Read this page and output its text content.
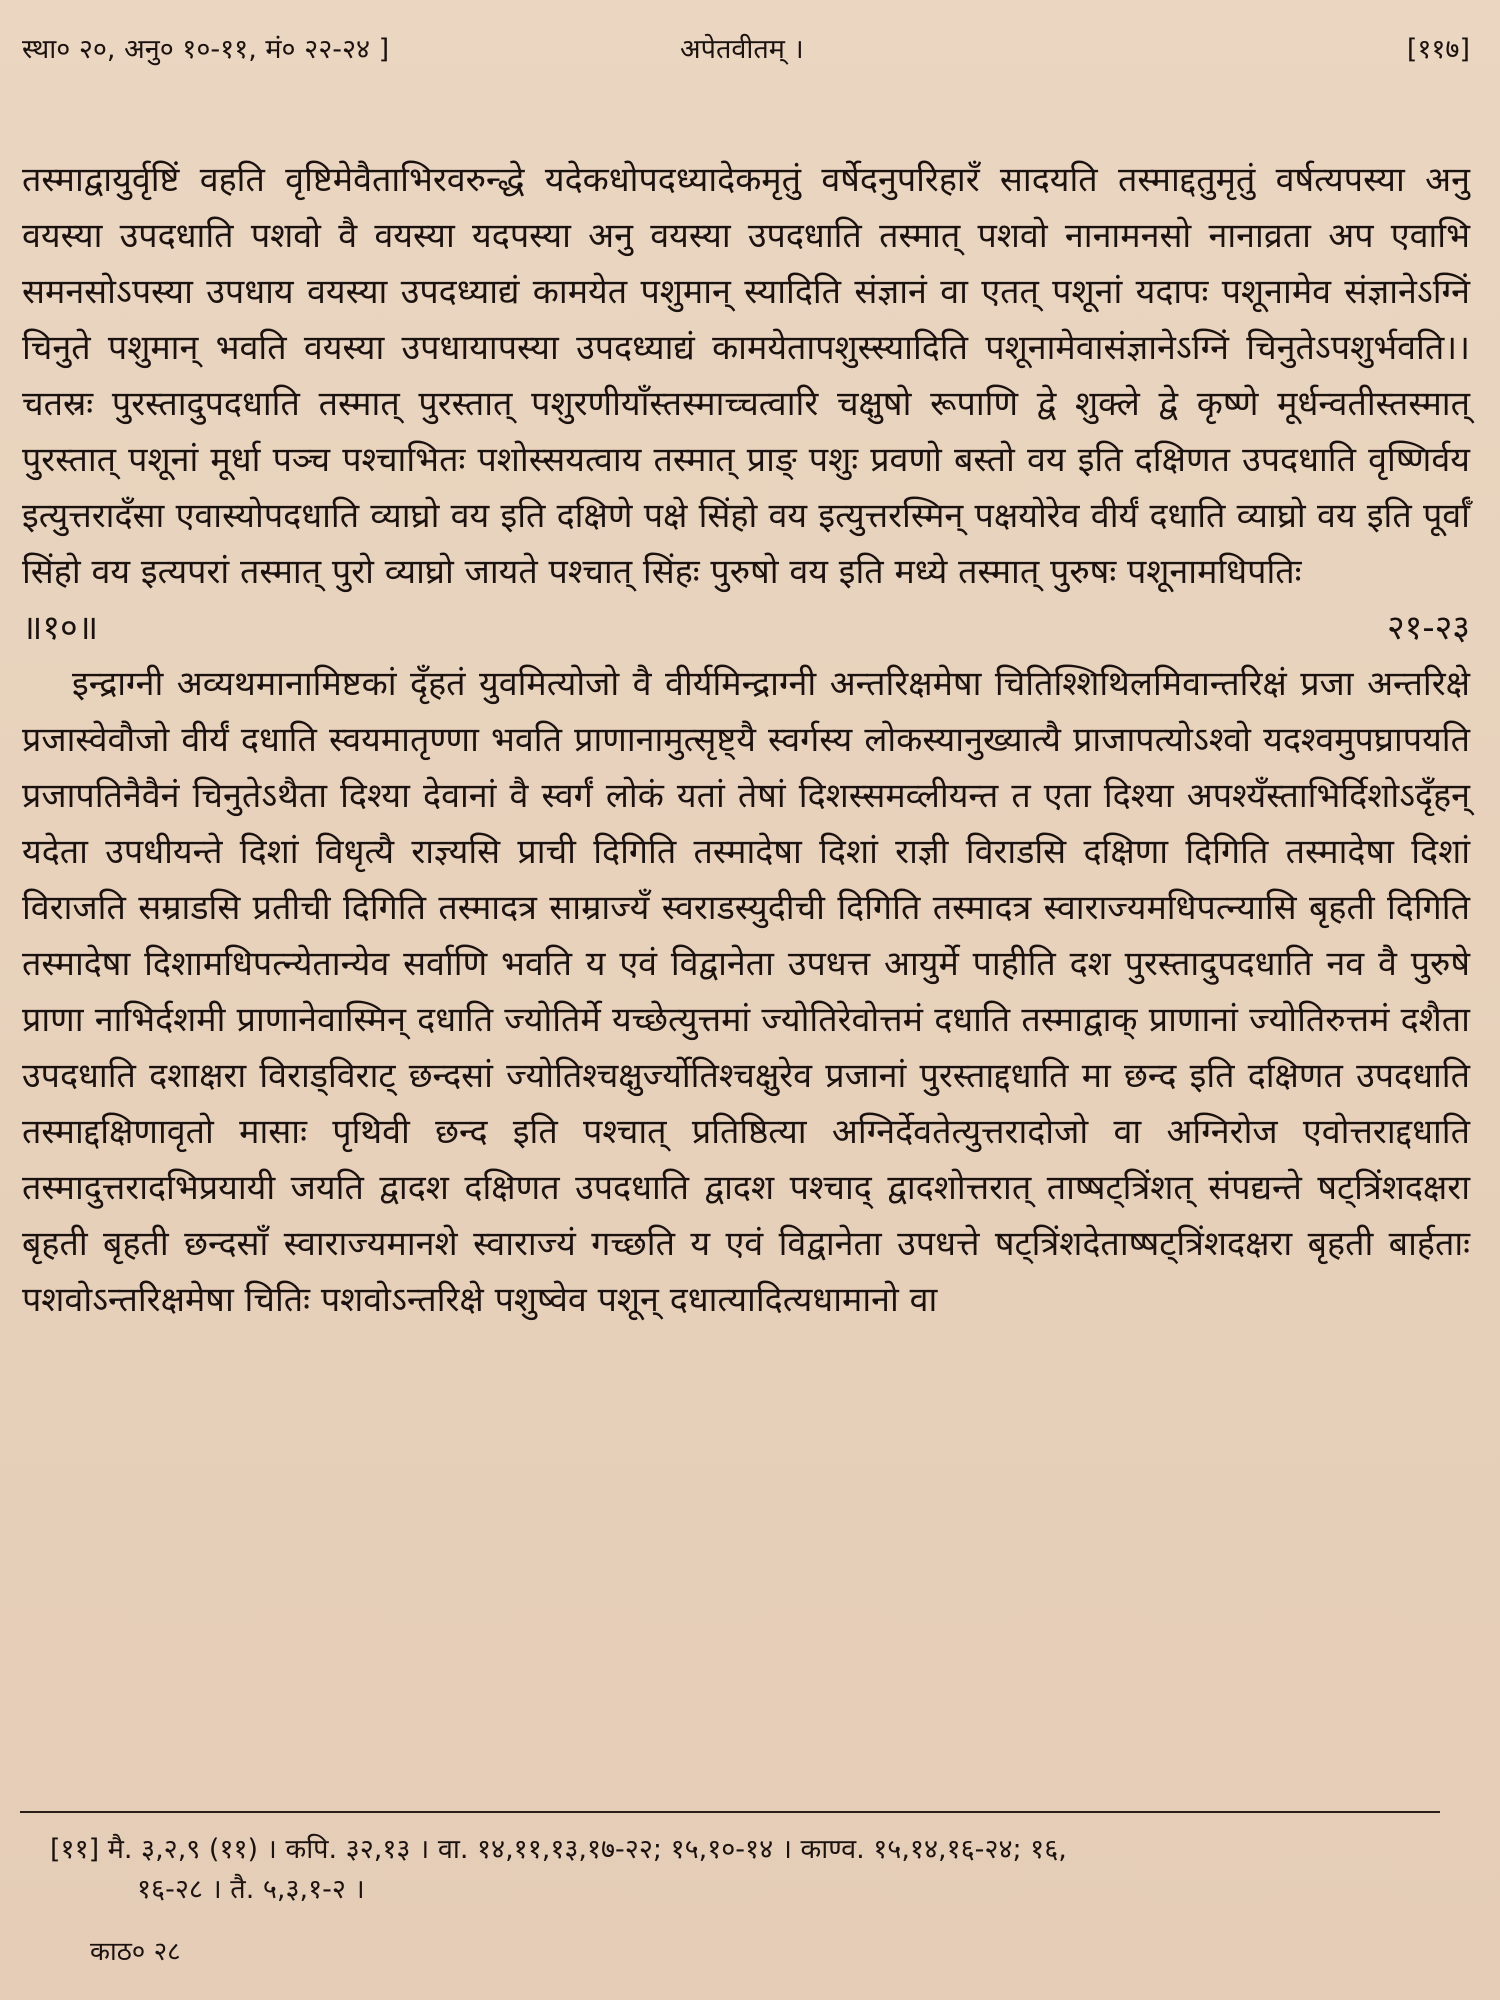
स्था० २०, अनु० १०-११, मं० २२-२४ ]	अपेतवीतम् ।	[११७]

तस्माद्वायुर्वृष्टिं वहति वृष्टिमेवैताभिरवरुन्द्धे यदेकधोपदध्यादेकमृतुं वर्षेदनुपरिहारँ सादयति तस्माद्दतुमृतुं वर्षत्यपस्या अनु वयस्या उपदधाति पशवो वै वयस्या यदपस्या अनु वयस्या उपदधाति तस्मात् पशवो नानामनसो नानाव्रता अप एवाभि समनसोऽपस्या उपधाय वयस्या उपदध्याद्यं कामयेत पशुमान् स्यादिति संज्ञानं वा एतत् पशूनां यदापः पशूनामेव संज्ञानेऽग्निं चिनुते पशुमान् भवति वयस्या उपधायापस्या उपदध्याद्यं कामयेतापशुस्स्यादिति पशूनामेवासंज्ञानेऽग्निं चिनुतेऽपशुर्भवति।। चतस्रः पुरस्तादुपदधाति तस्मात् पुरस्तात् पशुरणीयाँस्तस्माच्चत्वारि चक्षुषो रूपाणि द्वे शुक्ले द्वे कृष्णे मूर्धन्वतीस्तस्मात् पुरस्तात् पशूनां मूर्धा पञ्च पश्चाभितः पशोस्सयत्वाय तस्मात् प्राङ् पशुः प्रवणो बस्तो वय इति दक्षिणत उपदधाति वृष्णिर्वय इत्युत्तरादँसा एवास्योपदधाति व्याघ्रो वय इति दक्षिणे पक्षे सिंहो वय इत्युत्तरस्मिन् पक्षयोरेव वीर्यं दधाति व्याघ्रो वय इति पूर्वाँ सिंहो वय इत्यपरां तस्मात् पुरो व्याघ्रो जायते पश्चात् सिंहः पुरुषो वय इति मध्ये तस्मात् पुरुषः पशूनामधिपतिः

॥१०॥	२१-२३

इन्द्राग्नी अव्यथमानामिष्टकां दृँहतं युवमित्योजो वै वीर्यमिन्द्राग्नी अन्तरिक्षमेषा चितिश्शिथिलमिवान्तरिक्षं प्रजा अन्तरिक्षे प्रजास्वेवौजो वीर्यं दधाति स्वयमातृण्णा भवति प्राणानामुत्सृष्ट्यै स्वर्गस्य लोकस्यानुख्यात्यै प्राजापत्योऽश्वो यदश्वमुपघ्रापयति प्रजापतिनैवैनं चिनुतेऽथैता दिश्या देवानां वै स्वर्गं लोकं यतां तेषां दिशस्समव्लीयन्त त एता दिश्या अपश्यँस्ताभिर्दिशोऽदृँहन् यदेता उपधीयन्ते दिशां विधृत्यै राज्ञ्यसि प्राची दिगिति तस्मादेषा दिशां राज्ञी विराडसि दक्षिणा दिगिति तस्मादेषा दिशां विराजति सम्राडसि प्रतीची दिगिति तस्मादत्र साम्राज्यँ स्वराडस्युदीची दिगिति तस्मादत्र स्वाराज्यमधिपत्न्यासि बृहती दिगिति तस्मादेषा दिशामधिपत्न्येतान्येव सर्वाणि भवति य एवं विद्वानेता उपधत्त आयुर्मे पाहीति दश पुरस्तादुपदधाति नव वै पुरुषे प्राणा नाभिर्दशमी प्राणानेवास्मिन् दधाति ज्योतिर्मे यच्छेत्युत्तमां ज्योतिरेवोत्तमं दधाति तस्माद्वाक् प्राणानां ज्योतिरुत्तमं दशैता उपदधाति दशाक्षरा विराड्विराट् छन्दसां ज्योतिश्चक्षुर्ज्योतिश्चक्षुरेव प्रजानां पुरस्ताद्दधाति मा छन्द इति दक्षिणत उपदधाति तस्माद्दक्षिणावृतो मासाः पृथिवी छन्द इति पश्चात् प्रतिष्ठित्या अग्निर्देवतेत्युत्तरादोजो वा अग्निरोज एवोत्तराद्दधाति तस्मादुत्तरादभिप्रयायी जयति द्वादश दक्षिणत उपदधाति द्वादश पश्चाद् द्वादशोत्तरात् ताष्षट्त्रिंशत् संपद्यन्ते षट्त्रिंशदक्षरा बृहती बृहती छन्दसाँ स्वाराज्यमानशे स्वाराज्यं गच्छति य एवं विद्वानेता उपधत्ते षट्त्रिंशदेताष्षट्त्रिंशदक्षरा बृहती बार्हताः पशवोऽन्तरिक्षमेषा चितिः पशवोऽन्तरिक्षे पशुष्वेव पशून् दधात्यादित्यधामानो वा

[११] मै. ३,२,९ (११) । कपि. ३२,१३ । वा. १४,११,१३,१७-२२; १५,१०-१४ । काण्व. १५,१४,१६-२४; १६,
१६-२८ । तै. ५,३,१-२ ।
काठ० २८
